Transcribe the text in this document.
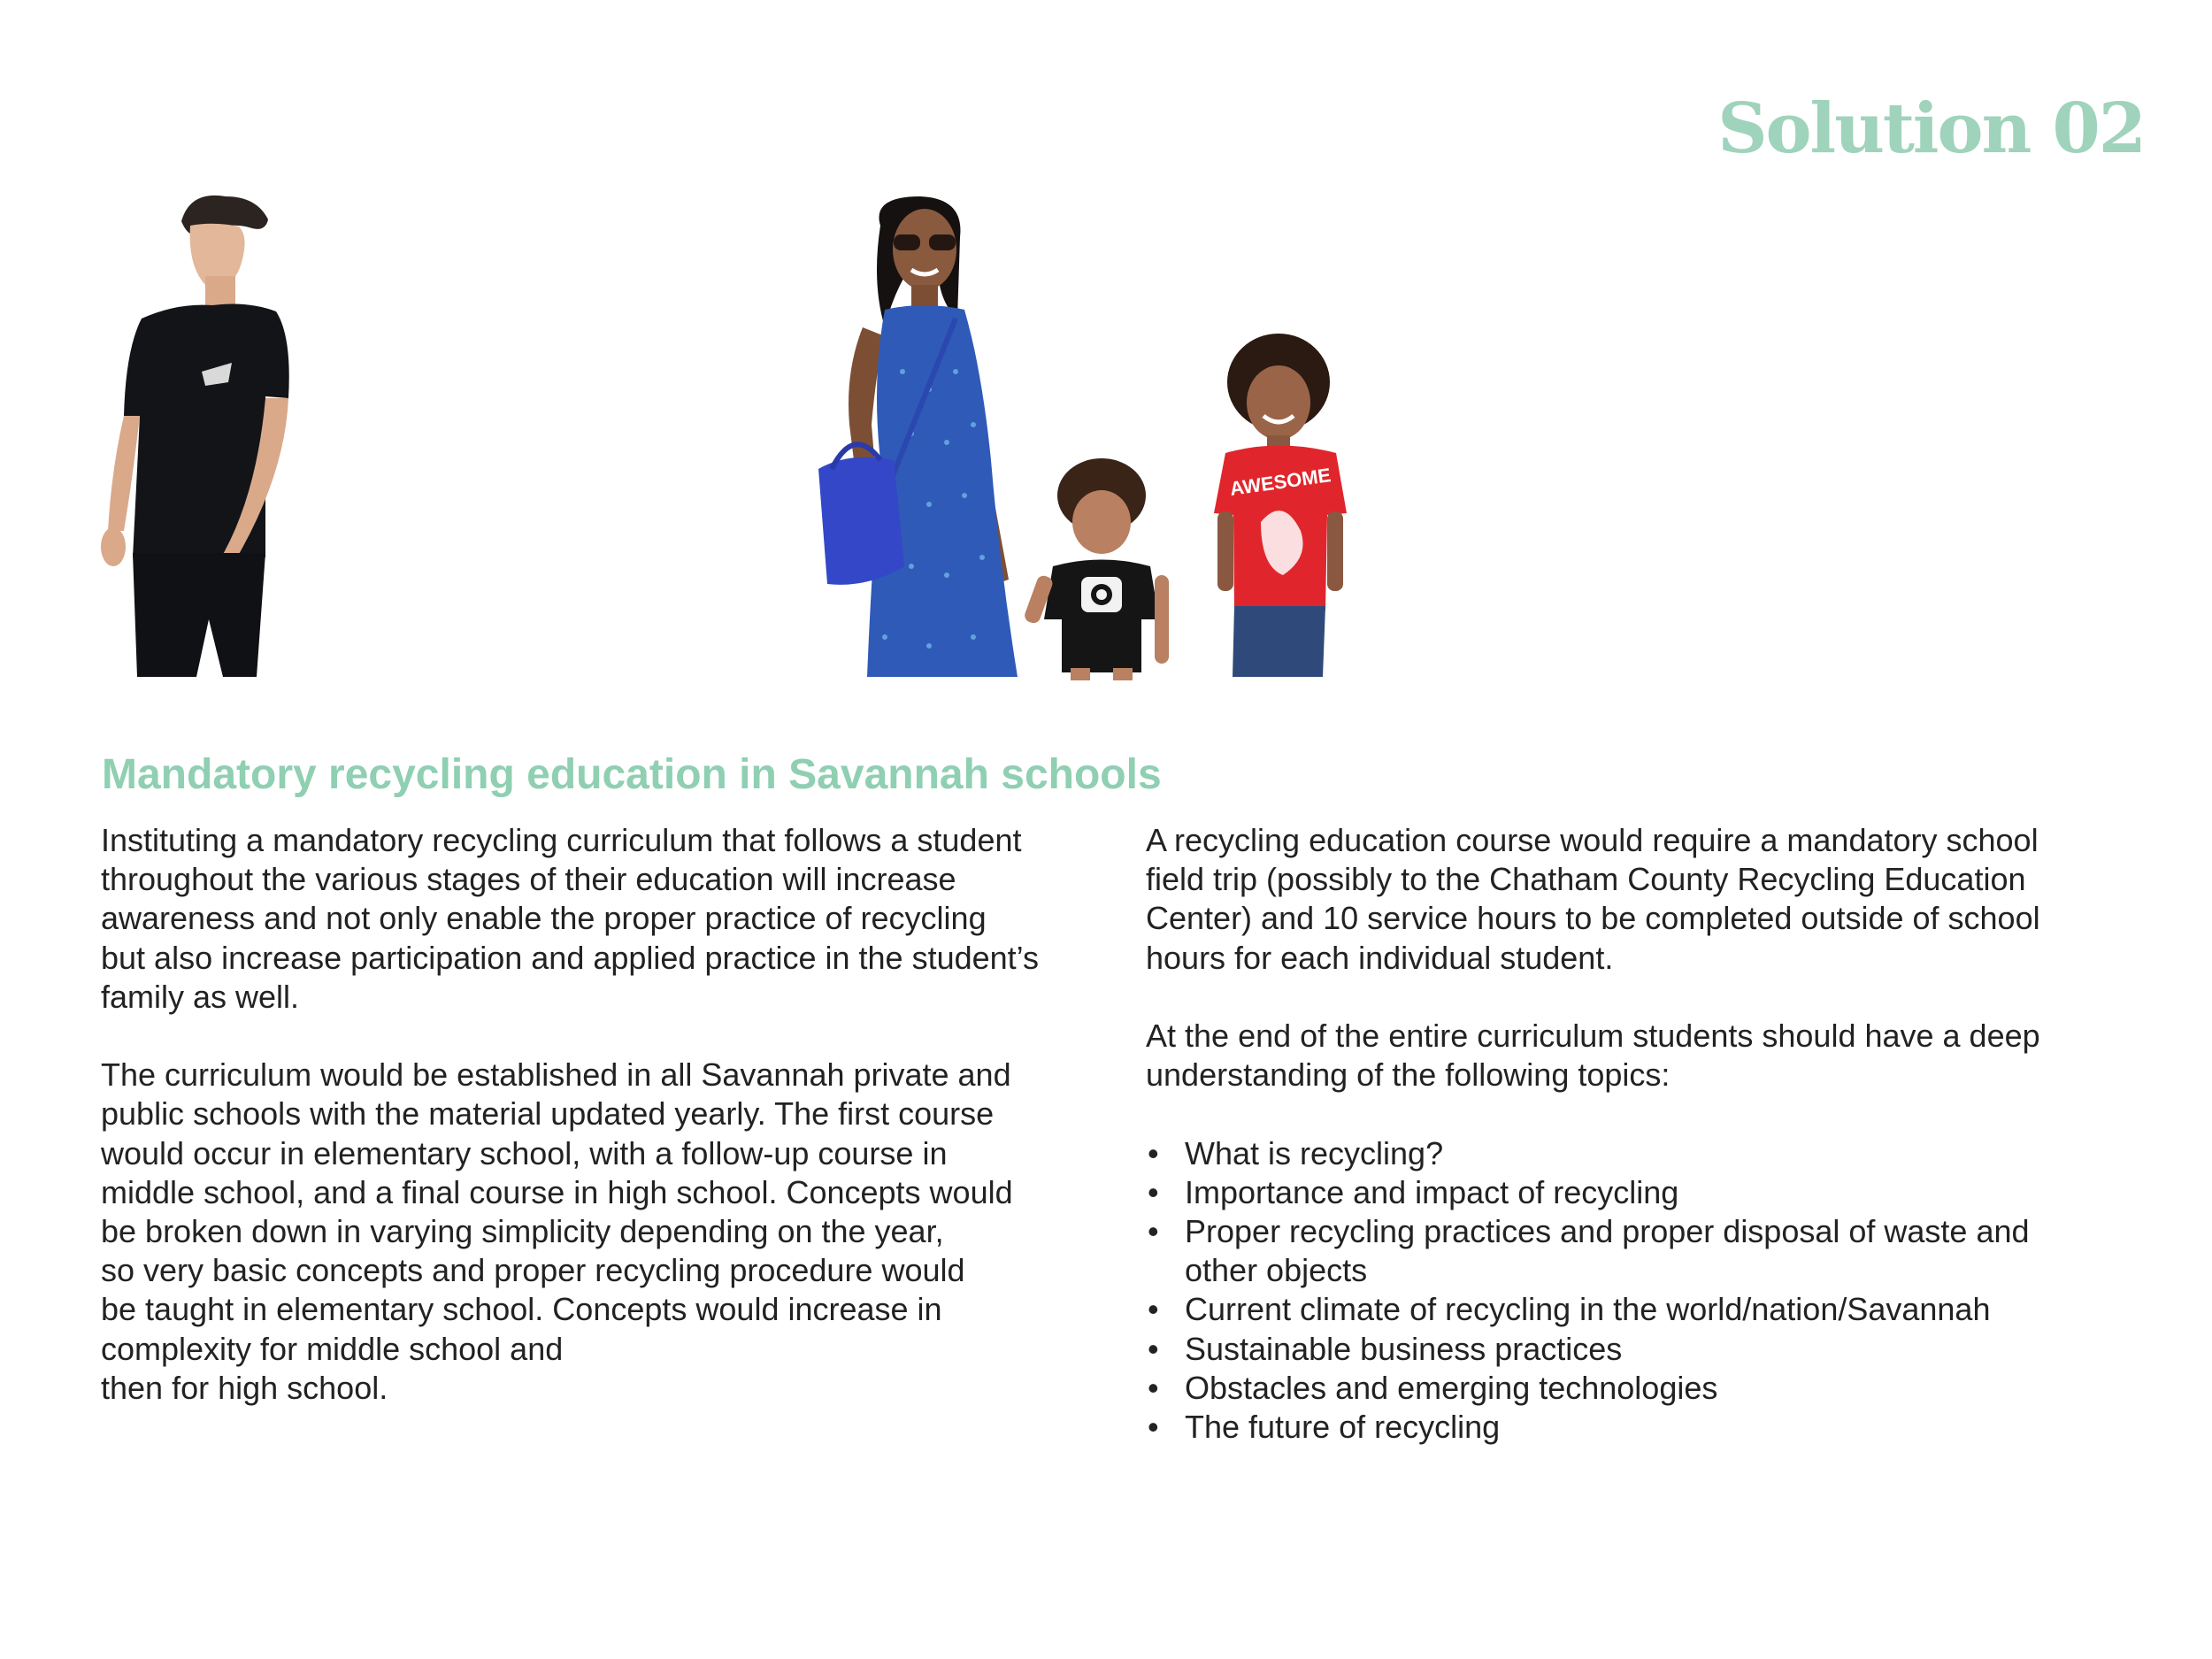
Solution 02
AWESOME
Mandatory recycling education in Savannah schools

Instituting a mandatory recycling curriculum that follows a student
throughout the various stages of their education will increase
awareness and not only enable the proper practice of recycling
but also increase participation and applied practice in the student’s
family as well.

The curriculum would be established in all Savannah private and
public schools with the material updated yearly. The first course
would occur in elementary school, with a follow-up course in
middle school, and a final course in high school. Concepts would
be broken down in varying simplicity depending on the year,
so very basic concepts and proper recycling procedure would
be taught in elementary school. Concepts would increase in
complexity for middle school and
then for high school.

A recycling education course would require a mandatory school
field trip (possibly to the Chatham County Recycling Education
Center) and 10 service hours to be completed outside of school
hours for each individual student.

At the end of the entire curriculum students should have a deep
understanding of the following topics:

• What is recycling?
• Importance and impact of recycling
• Proper recycling practices and proper disposal of waste and
other objects
• Current climate of recycling in the world/nation/Savannah
• Sustainable business practices
• Obstacles and emerging technologies
• The future of recycling
